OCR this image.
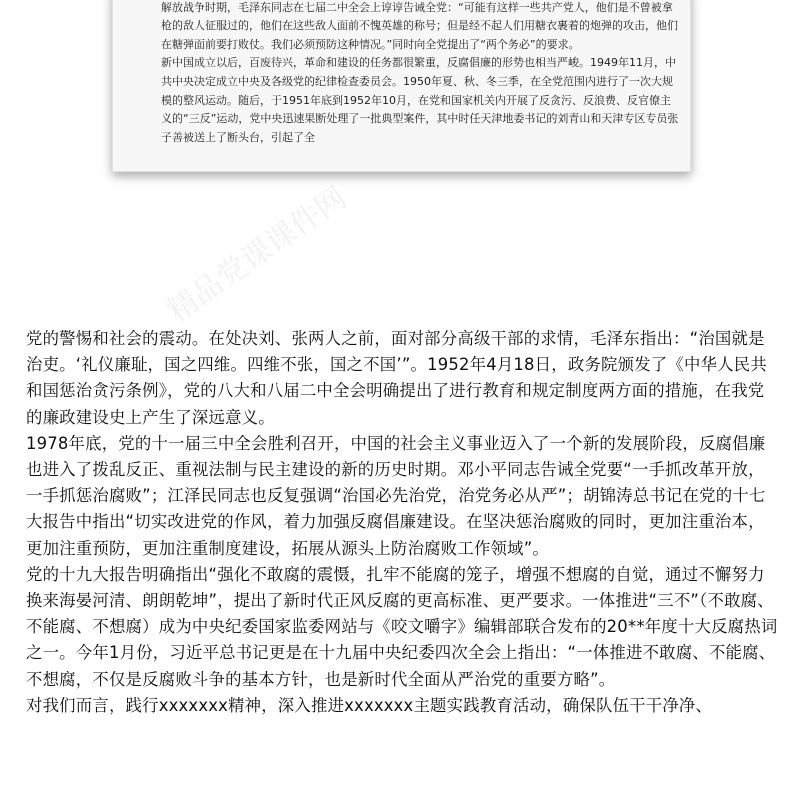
解放战争时期，毛泽东同志在七届二中全会上谆谆告诫全党：“可能有这样一些共产党人，他们是不曾被拿枪的敌人征服过的，他们在这些敌人面前不愧英雄的称号；但是经不起人们用糖衣裹着的炮弹的攻击，他们在糖弹面前要打败仗。我们必须预防这种情况。”同时向全党提出了“两个务必”的要求。

新中国成立以后，百废待兴，革命和建设的任务都很繁重，反腐倡廉的形势也相当严峻。1949年11月，中共中央决定成立中央及各级党的纪律检查委员会。1950年夏、秋、冬三季，在全党范围内进行了一次大规模的整风运动。随后，于1951年底到1952年10月，在党和国家机关内开展了反贪污、反浪费、反官僚主义的“三反”运动，党中央迅速果断处理了一批典型案件，其中时任天津地委书记的刘青山和天津专区专员张子善被送上了断头台，引起了全

精品党课课件网

党的警惕和社会的震动。在处决刘、张两人之前，面对部分高级干部的求情，毛泽东指出：“治国就是治吏。‘礼仪廉耻，国之四维。四维不张，国之不国’”。1952年4月18日，政务院颁发了《中华人民共和国惩治贪污条例》，党的八大和八届二中全会明确提出了进行教育和规定制度两方面的措施，在我党的廉政建设史上产生了深远意义。

1978年底，党的十一届三中全会胜利召开，中国的社会主义事业迈入了一个新的发展阶段，反腐倡廉也进入了拨乱反正、重视法制与民主建设的新的历史时期。邓小平同志告诫全党要“一手抓改革开放，一手抓惩治腐败”；江泽民同志也反复强调“治国必先治党，治党务必从严”；胡锦涛总书记在党的十七大报告中指出“切实改进党的作风，着力加强反腐倡廉建设。在坚决惩治腐败的同时，更加注重治本，更加注重预防，更加注重制度建设，拓展从源头上防治腐败工作领域”。

党的十九大报告明确指出“强化不敢腐的震慑，扎牢不能腐的笼子，增强不想腐的自觉，通过不懈努力换来海晏河清、朗朗乾坤”，提出了新时代正风反腐的更高标准、更严要求。一体推进“三不”（不敢腐、不能腐、不想腐）成为中央纪委国家监委网站与《咬文嚼字》编辑部联合发布的20**年度十大反腐热词之一。今年1月份，习近平总书记更是在十九届中央纪委四次全会上指出：“一体推进不敢腐、不能腐、不想腐，不仅是反腐败斗争的基本方针，也是新时代全面从严治党的重要方略”。

对我们而言，践行xxxxxxx精神，深入推进xxxxxxx主题实践教育活动，确保队伍干干净净、
